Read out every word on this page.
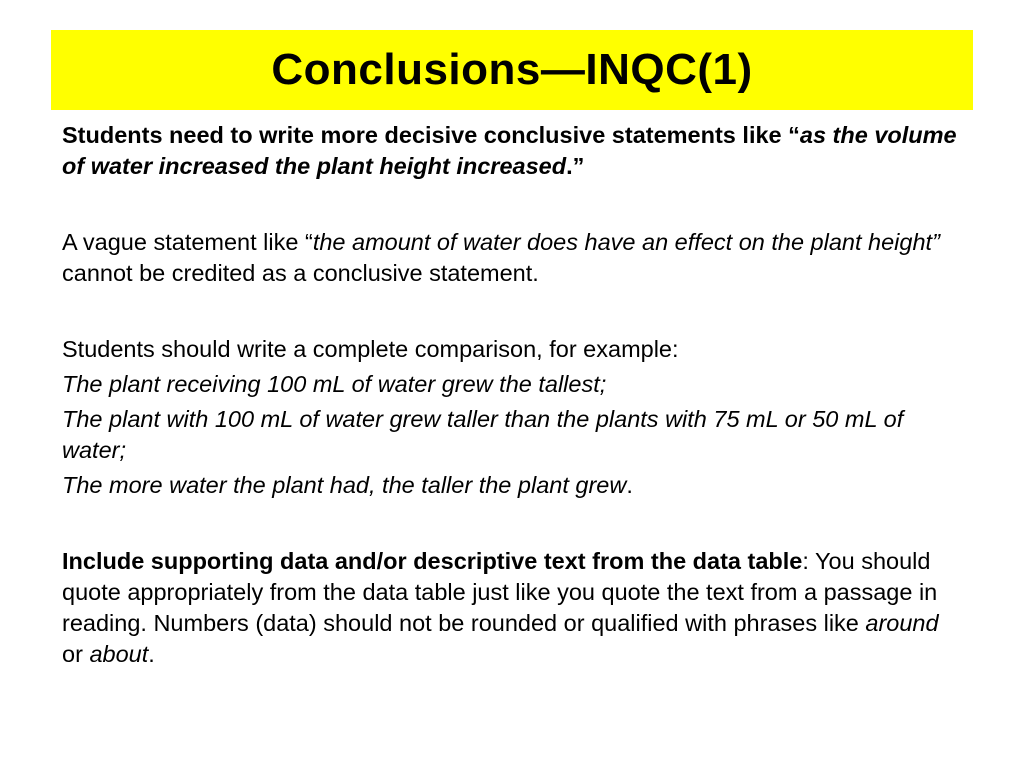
Conclusions—INQC(1)

Students need to write more decisive conclusive statements like “as the volume of water increased the plant height increased.”

A vague statement like “the amount of water does have an effect on the plant height” cannot be credited as a conclusive statement.

Students should write a complete comparison, for example:

The plant receiving 100 mL of water grew the tallest;

The plant with 100 mL of water grew taller than the plants with 75 mL or 50 mL of water;

The more water the plant had, the taller the plant grew.

Include supporting data and/or descriptive text from the data table: You should quote appropriately from the data table just like you quote the text from a passage in reading. Numbers (data) should not be rounded or qualified with phrases like around or about.
